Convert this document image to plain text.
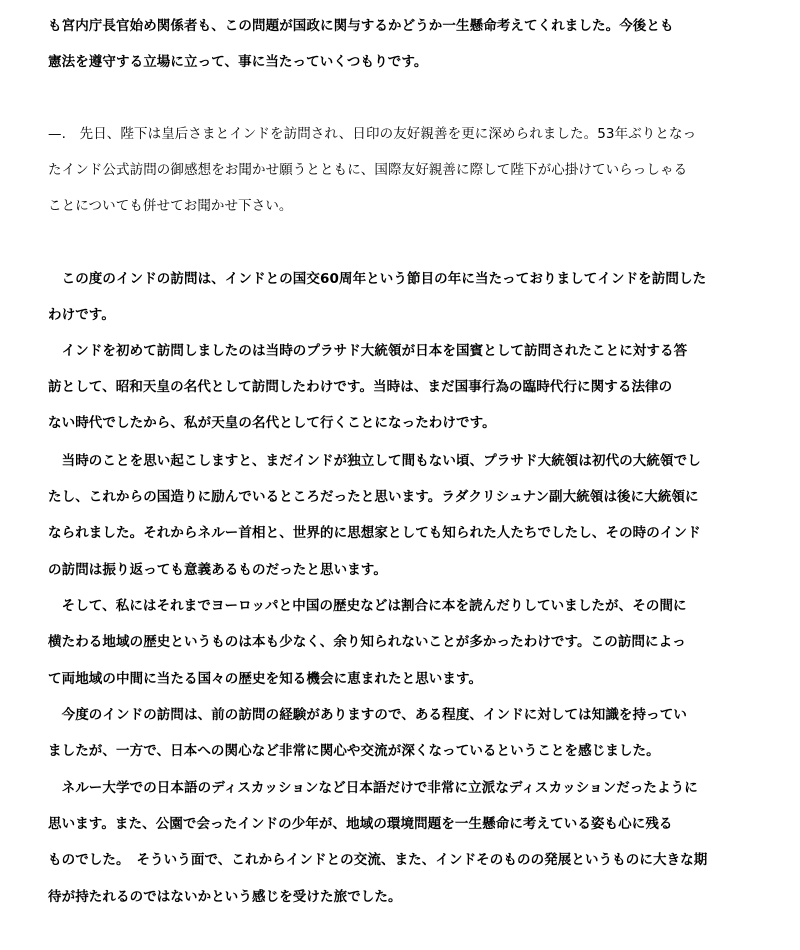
も宮内庁長官始め関係者も、この問題が国政に関与するかどうか一生懸命考えてくれました。今後とも
憲法を遵守する立場に立って、事に当たっていくつもりです。
—.　先日、陛下は皇后さまとインドを訪問され、日印の友好親善を更に深められました。53年ぶりとなっ
たインド公式訪問の御感想をお聞かせ願うとともに、国際友好親善に際して陛下が心掛けていらっしゃる
ことについても併せてお聞かせ下さい。
　この度のインドの訪問は、インドとの国交60周年という節目の年に当たっておりましてインドを訪問した
わけです。
　インドを初めて訪問しましたのは当時のプラサド大統領が日本を国賓として訪問されたことに対する答
訪として、昭和天皇の名代として訪問したわけです。当時は、まだ国事行為の臨時代行に関する法律の
ない時代でしたから、私が天皇の名代として行くことになったわけです。
　当時のことを思い起こしますと、まだインドが独立して間もない頃、プラサド大統領は初代の大統領でし
たし、これからの国造りに励んでいるところだったと思います。ラダクリシュナン副大統領は後に大統領に
なられました。それからネルー首相と、世界的に思想家としても知られた人たちでしたし、その時のインド
の訪問は振り返っても意義あるものだったと思います。
　そして、私にはそれまでヨーロッパと中国の歴史などは割合に本を読んだりしていましたが、その間に
横たわる地域の歴史というものは本も少なく、余り知られないことが多かったわけです。この訪問によっ
て両地域の中間に当たる国々の歴史を知る機会に恵まれたと思います。
　今度のインドの訪問は、前の訪問の経験がありますので、ある程度、インドに対しては知識を持ってい
ましたが、一方で、日本への関心など非常に関心や交流が深くなっているということを感じました。
　ネルー大学での日本語のディスカッションなど日本語だけで非常に立派なディスカッションだったように
思います。また、公園で会ったインドの少年が、地域の環境問題を一生懸命に考えている姿も心に残る
ものでした。　そういう面で、これからインドとの交流、また、インドそのものの発展というものに大きな期
待が持たれるのではないかという感じを受けた旅でした。
